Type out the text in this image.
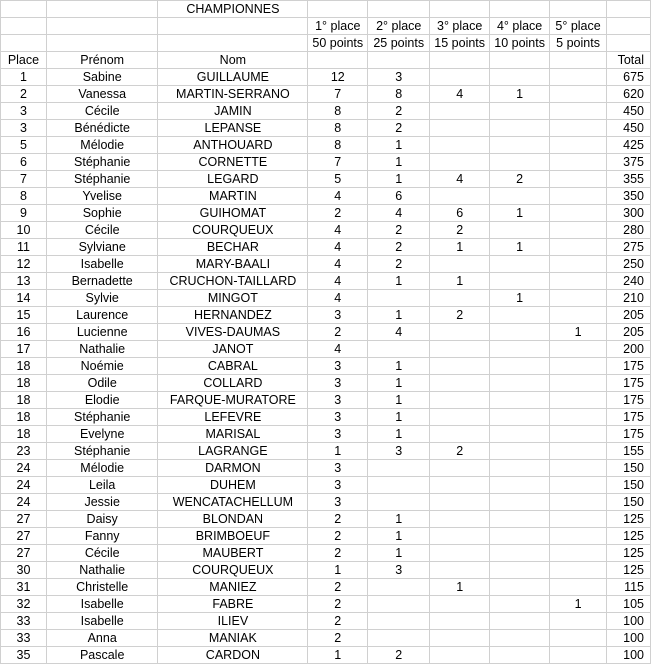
		CHAMPIONNES						
			1° place	2° place	3° place	4° place	5° place	
			50 points	25 points	15 points	10 points	5 points	
Place	Prénom	Nom						Total
1	Sabine	GUILLAUME	12	3				675
2	Vanessa	MARTIN-SERRANO	7	8	4	1		620
3	Cécile	JAMIN	8	2				450
3	Bénédicte	LEPANSE	8	2				450
5	Mélodie	ANTHOUARD	8	1				425
6	Stéphanie	CORNETTE	7	1				375
7	Stéphanie	LEGARD	5	1	4	2		355
8	Yvelise	MARTIN	4	6				350
9	Sophie	GUIHOMAT	2	4	6	1		300
10	Cécile	COURQUEUX	4	2	2			280
11	Sylviane	BECHAR	4	2	1	1		275
12	Isabelle	MARY-BAALI	4	2				250
13	Bernadette	CRUCHON-TAILLARD	4	1	1			240
14	Sylvie	MINGOT	4			1		210
15	Laurence	HERNANDEZ	3	1	2			205
16	Lucienne	VIVES-DAUMAS	2	4			1	205
17	Nathalie	JANOT	4					200
18	Noémie	CABRAL	3	1				175
18	Odile	COLLARD	3	1				175
18	Elodie	FARQUE-MURATORE	3	1				175
18	Stéphanie	LEFEVRE	3	1				175
18	Evelyne	MARISAL	3	1				175
23	Stéphanie	LAGRANGE	1	3	2			155
24	Mélodie	DARMON	3					150
24	Leila	DUHEM	3					150
24	Jessie	WENCATACHELLUM	3					150
27	Daisy	BLONDAN	2	1				125
27	Fanny	BRIMBOEUF	2	1				125
27	Cécile	MAUBERT	2	1				125
30	Nathalie	COURQUEUX	1	3				125
31	Christelle	MANIEZ	2		1			115
32	Isabelle	FABRE	2				1	105
33	Isabelle	ILIEV	2					100
33	Anna	MANIAK	2					100
35	Pascale	CARDON	1	2				100
